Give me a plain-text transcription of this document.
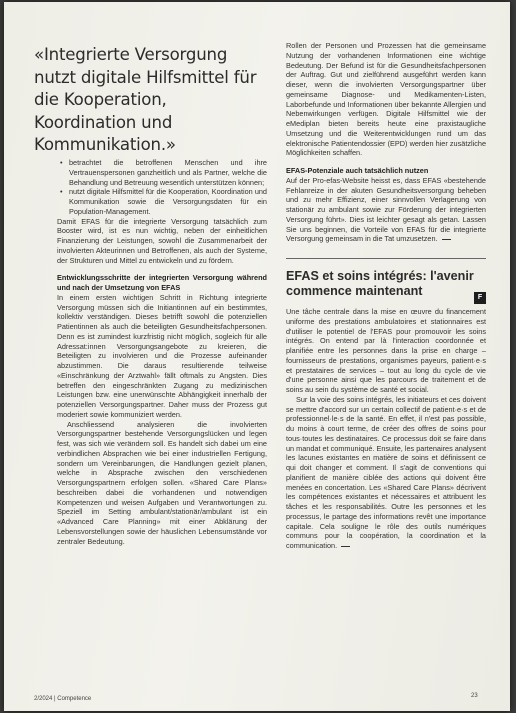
«Integrierte Versorgung nutzt digitale Hilfsmittel für die Kooperation, Koordination und Kommunikation.»
• betrachtet die betroffenen Menschen und ihre Vertrauenspersonen ganzheitlich und als Partner, welche die Behandlung und Betreuung wesentlich unterstützen können;
• nutzt digitale Hilfsmittel für die Kooperation, Koordination und Kommunikation sowie die Versorgungsdaten für ein Population-Management.

Damit EFAS für die integrierte Versorgung tatsächlich zum Booster wird, ist es nun wichtig, neben der einheitlichen Finanzierung der Leistungen, sowohl die Zusammenarbeit der involvierten Akteurinnen und Betroffenen, als auch der Systeme, der Strukturen und Mittel zu entwickeln und zu fördern.

Entwicklungsschritte der integrierten Versorgung während und nach der Umsetzung von EFAS

In einem ersten wichtigen Schritt in Richtung integrierte Versorgung müssen sich die Initiantinnen auf ein bestimmtes, kollektiv verständigen. Dieses betrifft sowohl die potenziellen Patientinnen als auch die beteiligten Gesundheitsfachpersonen. Denn es ist zumindest kurzfristig nicht möglich, sogleich für alle Adressat:innen Versorgungsangebote zu kreieren, die Beteiligten zu involvieren und die Prozesse aufeinander abzustimmen. Die daraus resultierende teilweise «Einschränkung der Arztwahl» fällt oftmals zu Angsten. Dies betreffen den eingeschränkten Zugang zu medizinischen Leistungen bzw. eine unerwünschte Abhängigkeit innerhalb der potenziellen Versorgungspartner. Daher muss der Prozess gut moderiert sowie kommuniziert werden.

Anschliessend analysieren die involvierten Versorgungspartner bestehende Versorgungslücken und legen fest, was sich wie verändern soll. Es handelt sich dabei um eine verbindlichen Absprachen wie bei einer industriellen Fertigung, sondern um Vereinbarungen, die Handlungen gezielt planen, welche in Absprache zwischen den verschiedenen Versorgungspartnern erfolgen sollen. «Shared Care Plans» beschreiben dabei die vorhandenen und notwendigen Kompetenzen und weisen Aufgaben und Verantwortungen zu. Speziell im Setting ambulant/stationär/ambulant ist ein «Advanced Care Planning» mit einer Abklärung der Lebensvorstellungen sowie der häuslichen Lebensumstände vor zentraler Bedeutung.

Rollen der Personen und Prozessen hat die gemeinsame Nutzung der vorhandenen Informationen eine wichtige Bedeutung. Der Befund ist für die Gesundheitsfachpersonen der Auftrag. Gut und zielführend ausgeführt werden kann dieser, wenn die involvierten Versorgungspartner über gemeinsame Diagnose- und Medikamenten-Listen, Laborbefunde und Informationen über bekannte Allergien und Nebenwirkungen verfügen. Digitale Hilfsmittel wie der eMediplan bieten bereits heute eine praxistaugliche Umsetzung und die Weiterentwicklungen rund um das elektronische Patientendossier (EPD) werden hier zusätzliche Möglichkeiten schaffen.

EFAS-Potenziale auch tatsächlich nutzen

Auf der Pro-efas-Website heisst es, dass EFAS «bestehende Fehlanreize in der akuten Gesundheitsversorgung beheben und zu mehr Effizienz, einer sinnvollen Verlagerung von stationär zu ambulant sowie zur Förderung der integrierten Versorgung führt». Dies ist leichter gesagt als getan. Lassen Sie uns beginnen, die Vorteile von EFAS für die integrierte Versorgung gemeinsam in die Tat umzusetzen.

EFAS et soins intégrés: l'avenir commence maintenant	F

Une tâche centrale dans la mise en œuvre du financement uniforme des prestations ambulatoires et stationnaires est d'utiliser le potentiel de l'EFAS pour promouvoir les soins intégrés. On entend par là l'interaction coordonnée et planifiée entre les personnes dans la prise en charge – fournisseurs de prestations, organismes payeurs, patient·e·s et prestataires de services – tout au long du cycle de vie d'une personne ainsi que les parcours de traitement et de soins au sein du système de santé et social.

Sur la voie des soins intégrés, les initiateurs et ces doivent se mettre d'accord sur un certain collectif de patient·e·s et de professionnel·le·s de la santé. En effet, il n'est pas possible, du moins à court terme, de créer des offres de soins pour tous·toutes les destinataires. Ce processus doit se faire dans un mandat et communiqué. Ensuite, les partenaires analysent les lacunes existantes en matière de soins et définissent ce qui doit changer et comment. Il s'agit de conventions qui planifient de manière ciblée des actions qui doivent être menées en concertation. Les «Shared Care Plans» décrivent les compétences existantes et nécessaires et attribuent les tâches et les responsabilités. Outre les personnes et les processus, le partage des informations revêt une importance capitale. Cela souligne le rôle des outils numériques communs pour la coopération, la coordination et la communication.

2/2024 | Competence	23
